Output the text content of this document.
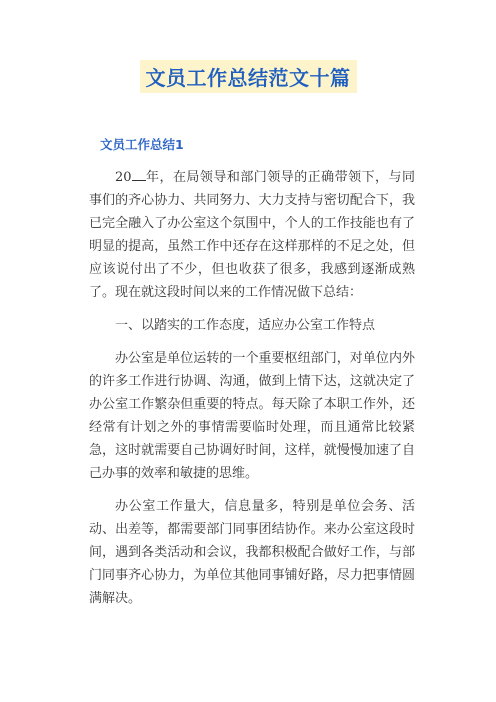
文员工作总结范文十篇
文员工作总结1

20 年，在局领导和部门领导的正确带领下，与同事们的齐心协力、共同努力、大力支持与密切配合下，我已完全融入了办公室这个氛围中，个人的工作技能也有了明显的提高，虽然工作中还存在这样那样的不足之处，但应该说付出了不少，但也收获了很多，我感到逐渐成熟了。现在就这段时间以来的工作情况做下总结：

一、以踏实的工作态度，适应办公室工作特点

办公室是单位运转的一个重要枢纽部门，对单位内外的许多工作进行协调、沟通，做到上情下达，这就决定了办公室工作繁杂但重要的特点。每天除了本职工作外，还经常有计划之外的事情需要临时处理，而且通常比较紧急，这时就需要自己协调好时间，这样，就慢慢加速了自己办事的效率和敏捷的思维。

办公室工作量大，信息量多，特别是单位会务、活动、出差等，都需要部门同事团结协作。来办公室这段时间，遇到各类活动和会议，我都积极配合做好工作，与部门同事齐心协力，为单位其他同事铺好路，尽力把事情圆满解决。
